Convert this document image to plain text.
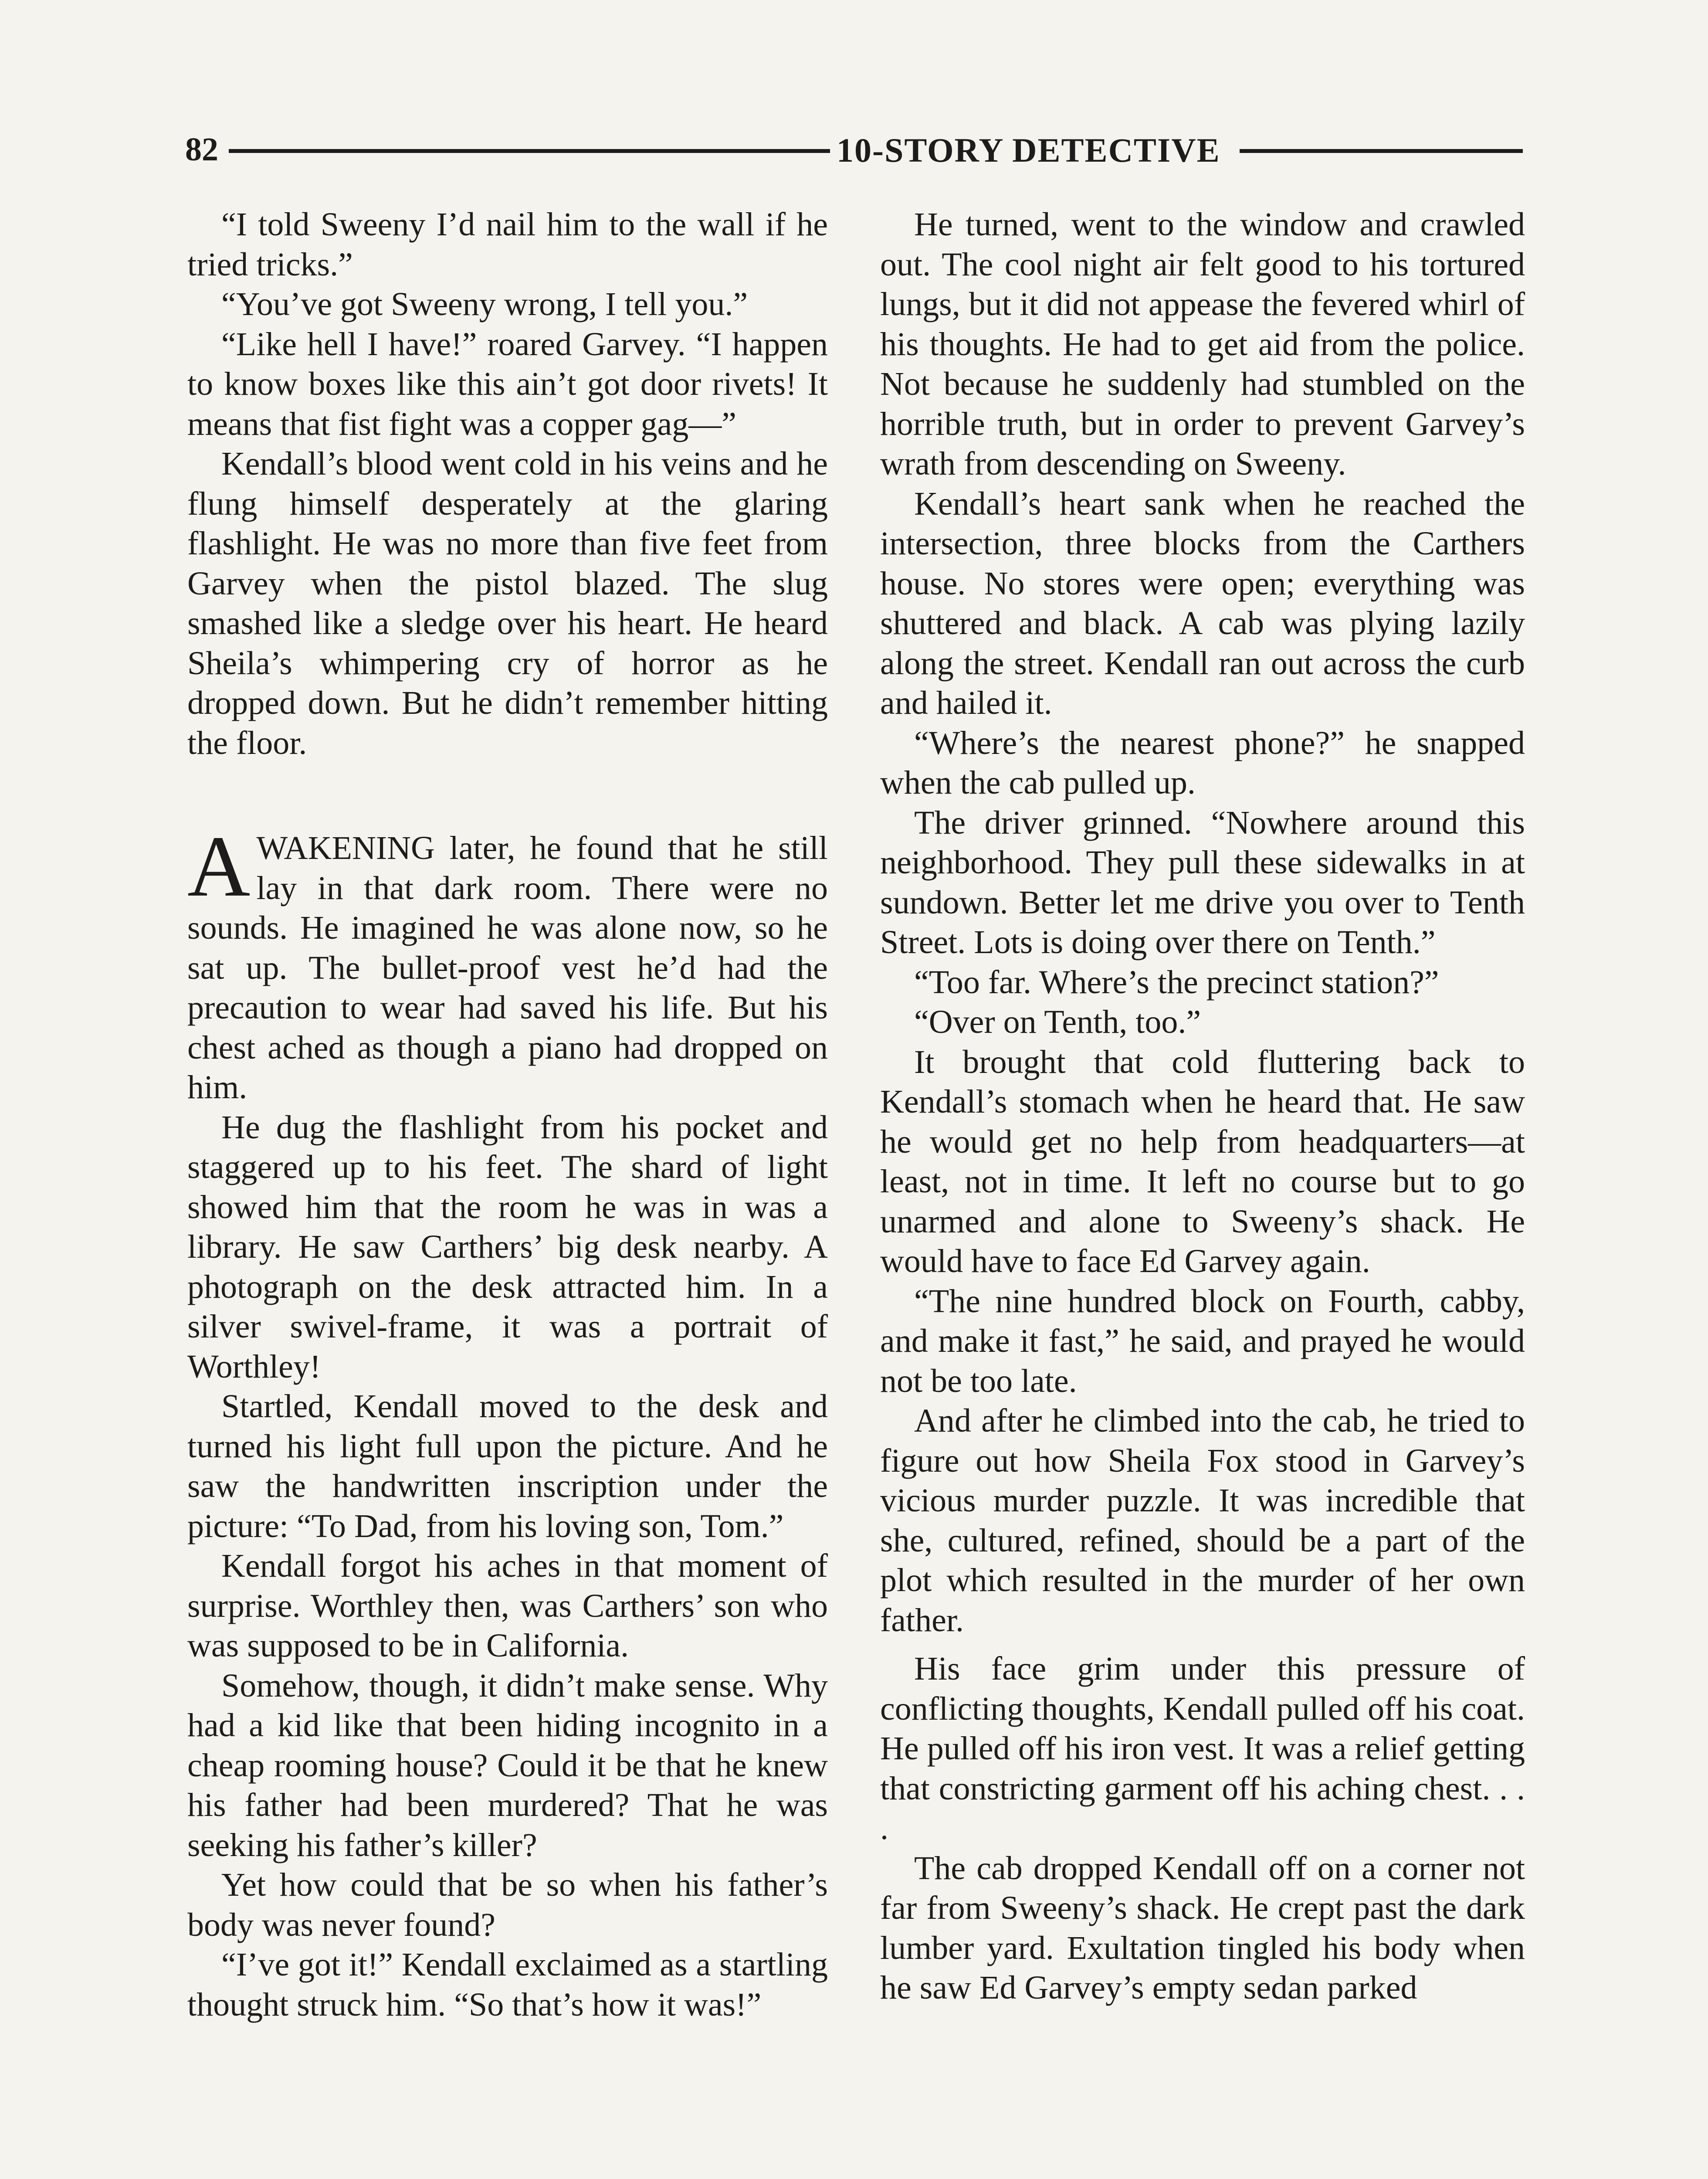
82	10-STORY DETECTIVE

“I told Sweeny I’d nail him to the wall if he tried tricks.”

“You’ve got Sweeny wrong, I tell you.”

“Like hell I have!” roared Garvey. “I happen to know boxes like this ain’t got door rivets! It means that fist fight was a copper gag—”

Kendall’s blood went cold in his veins and he flung himself desperately at the glaring flashlight. He was no more than five feet from Garvey when the pistol blazed. The slug smashed like a sledge over his heart. He heard Sheila’s whimpering cry of horror as he dropped down. But he didn’t remember hitting the floor.

AWAKENING later, he found that he still lay in that dark room. There were no sounds. He imagined he was alone now, so he sat up. The bullet-proof vest he’d had the precaution to wear had saved his life. But his chest ached as though a piano had dropped on him.

He dug the flashlight from his pocket and staggered up to his feet. The shard of light showed him that the room he was in was a library. He saw Carthers’ big desk nearby. A photograph on the desk attracted him. In a silver swivel-frame, it was a portrait of Worthley!

Startled, Kendall moved to the desk and turned his light full upon the picture. And he saw the handwritten inscription under the picture: “To Dad, from his loving son, Tom.”

Kendall forgot his aches in that moment of surprise. Worthley then, was Carthers’ son who was supposed to be in California.

Somehow, though, it didn’t make sense. Why had a kid like that been hiding incognito in a cheap rooming house? Could it be that he knew his father had been murdered? That he was seeking his father’s killer?

Yet how could that be so when his father’s body was never found?

“I’ve got it!” Kendall exclaimed as a startling thought struck him. “So that’s how it was!”

He turned, went to the window and crawled out. The cool night air felt good to his tortured lungs, but it did not appease the fevered whirl of his thoughts. He had to get aid from the police. Not because he suddenly had stumbled on the horrible truth, but in order to prevent Garvey’s wrath from descending on Sweeny.

Kendall’s heart sank when he reached the intersection, three blocks from the Carthers house. No stores were open; everything was shuttered and black. A cab was plying lazily along the street. Kendall ran out across the curb and hailed it.

“Where’s the nearest phone?” he snapped when the cab pulled up.

The driver grinned. “Nowhere around this neighborhood. They pull these sidewalks in at sundown. Better let me drive you over to Tenth Street. Lots is doing over there on Tenth.”

“Too far. Where’s the precinct station?”

“Over on Tenth, too.”

It brought that cold fluttering back to Kendall’s stomach when he heard that. He saw he would get no help from headquarters—at least, not in time. It left no course but to go unarmed and alone to Sweeny’s shack. He would have to face Ed Garvey again.

“The nine hundred block on Fourth, cabby, and make it fast,” he said, and prayed he would not be too late.

And after he climbed into the cab, he tried to figure out how Sheila Fox stood in Garvey’s vicious murder puzzle. It was incredible that she, cultured, refined, should be a part of the plot which resulted in the murder of her own father.

His face grim under this pressure of conflicting thoughts, Kendall pulled off his coat. He pulled off his iron vest. It was a relief getting that constricting garment off his aching chest. . . .

The cab dropped Kendall off on a corner not far from Sweeny’s shack. He crept past the dark lumber yard. Exultation tingled his body when he saw Ed Garvey’s empty sedan parked
